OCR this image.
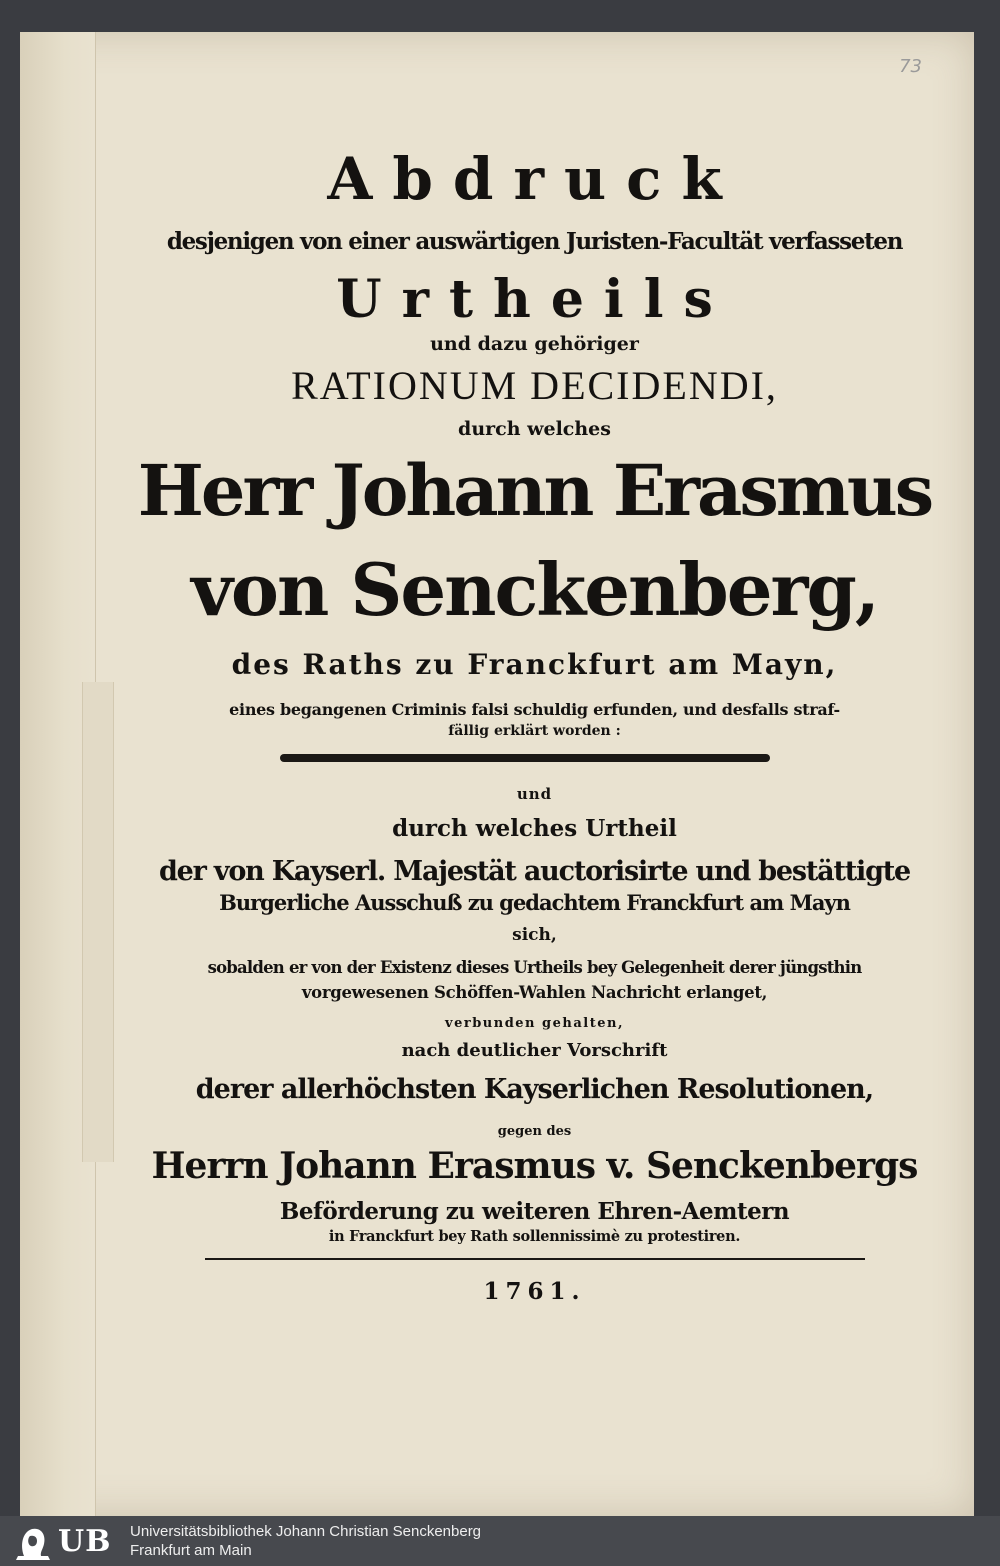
73
Abdruck
desjenigen von einer auswärtigen Juristen-Facultät verfasseten
Urtheils
und dazu gehöriger
RATIONUM DECIDENDI,
durch welches
Herr Johann Erasmus
von Senckenberg,
des Raths zu Franckfurt am Mayn,
eines begangenen Criminis falsi schuldig erfunden, und desfalls straf-
fällig erklärt worden :
und
durch welches Urtheil
der von Kayserl. Majestät auctorisirte und bestättigte
Burgerliche Ausschuß zu gedachtem Franckfurt am Mayn
sich,
sobalden er von der Existenz dieses Urtheils bey Gelegenheit derer jüngsthin
vorgewesenen Schöffen-Wahlen Nachricht erlanget,
verbunden gehalten,
nach deutlicher Vorschrift
derer allerhöchsten Kayserlichen Resolutionen,
gegen des
Herrn Johann Erasmus v. Senckenbergs
Beförderung zu weiteren Ehren-Aemtern
in Franckfurt bey Rath sollennissimè zu protestiren.
1761.
UB Universitätsbibliothek Johann Christian Senckenberg
Frankfurt am Main
